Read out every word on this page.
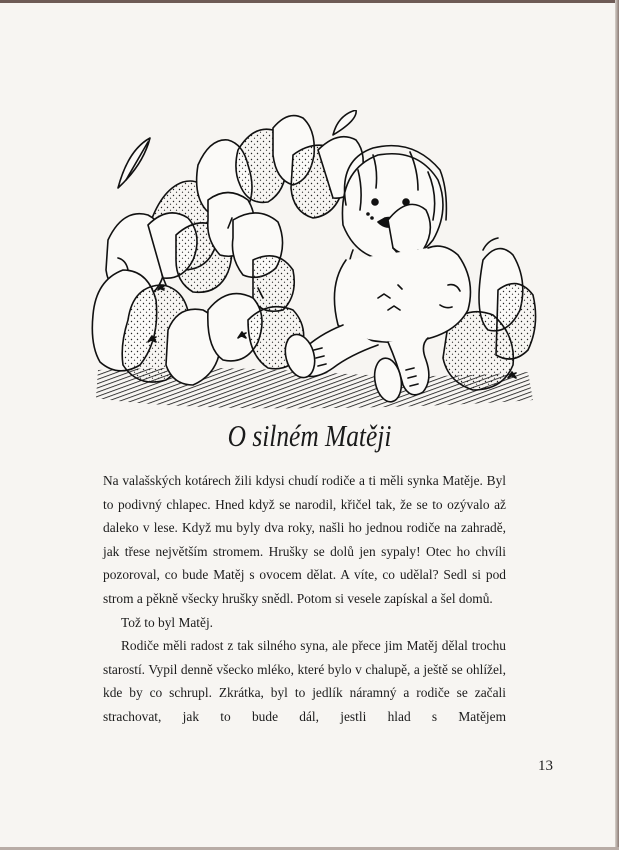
O silném Matěji

Na valašských kotárech žili kdysi chudí rodiče a ti měli synka Matěje. Byl to podivný chlapec. Hned když se narodil, křičel tak, že se to ozývalo až daleko v lese. Když mu byly dva roky, našli ho jednou rodiče na zahradě, jak třese největším stromem. Hrušky se dolů jen sypaly! Otec ho chvíli pozoroval, co bude Matěj s ovocem dělat. A víte, co udělal? Sedl si pod strom a pěkně všecky hrušky snědl. Potom si vesele zapískal a šel domů.

Tož to byl Matěj.

Rodiče měli radost z tak silného syna, ale přece jim Matěj dělal trochu starostí. Vypil denně všecko mléko, které bylo v chalupě, a ještě se ohlížel, kde by co schrupl. Zkrátka, byl to jedlík náramný a rodiče se začali strachovat, jak to bude dál, jestli hlad s Matějem

13
